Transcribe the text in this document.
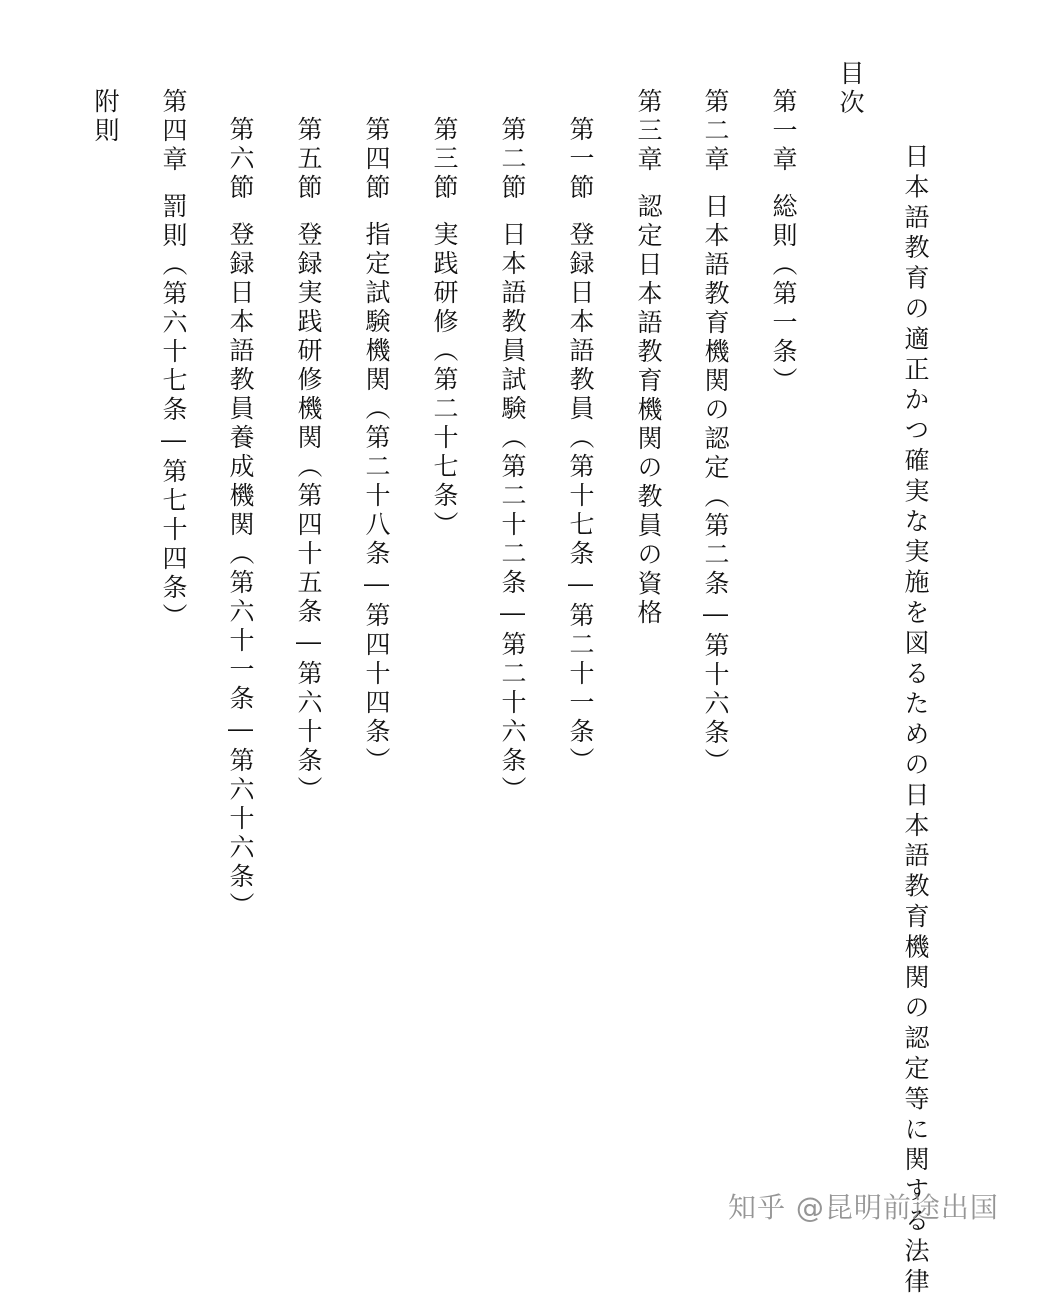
日本語教育の適正かつ確実な実施を図るための日本語教育機関の認定等に関する法律
目次
第一章総則（第一条）
第二章日本語教育機関の認定（第二条―第十六条）
第三章認定日本語教育機関の教員の資格
第一節登録日本語教員（第十七条―第二十一条）
第二節日本語教員試験（第二十二条―第二十六条）
第三節実践研修（第二十七条）
第四節指定試験機関（第二十八条―第四十四条）
第五節登録実践研修機関（第四十五条―第六十条）
第六節登録日本語教員養成機関（第六十一条―第六十六条）
第四章罰則（第六十七条―第七十四条）
附則
知乎 @昆明前途出国
